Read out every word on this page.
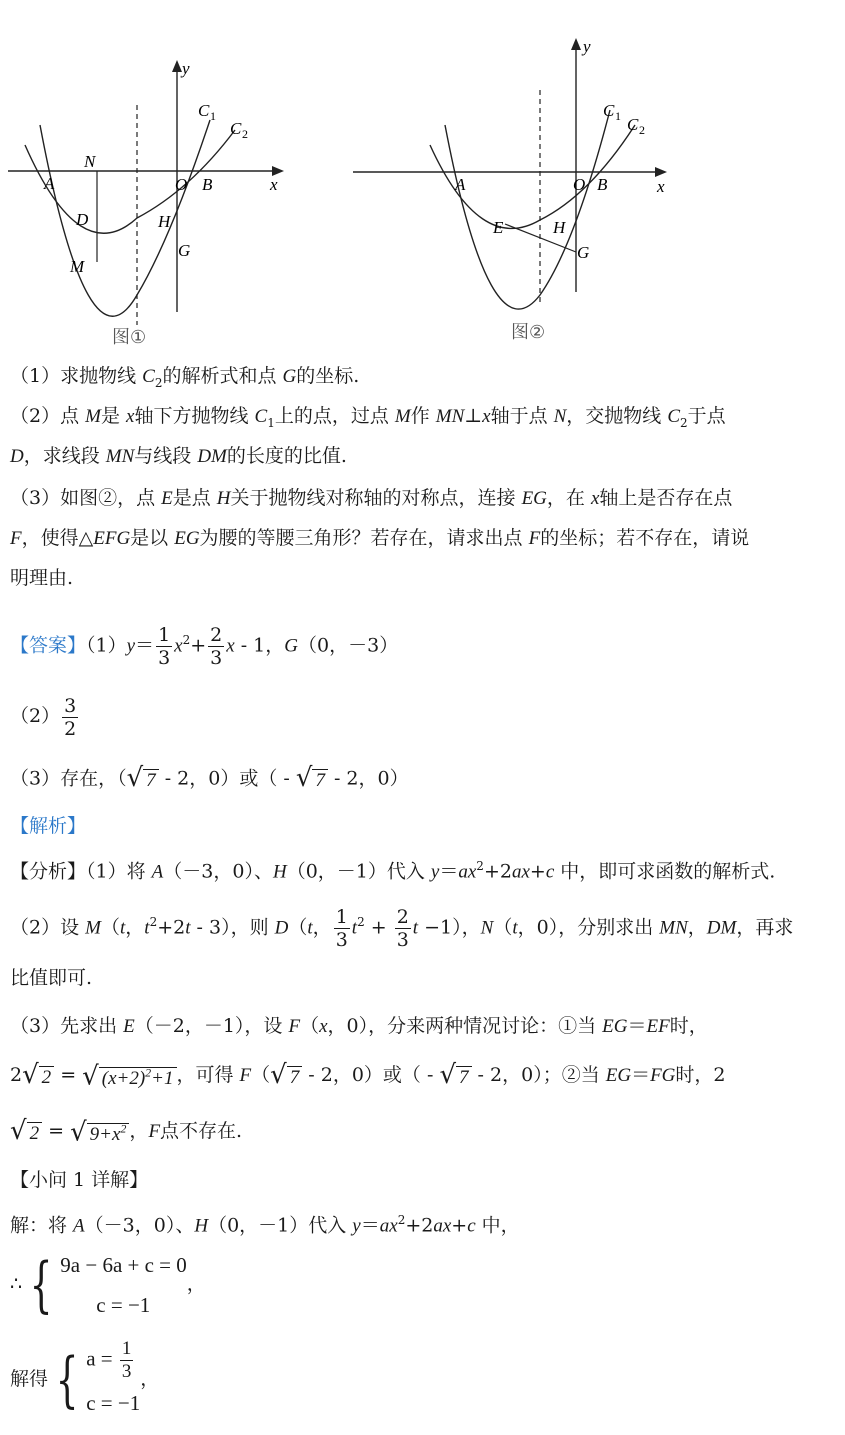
A
N
D
M
O B
H
G
y
x
C 1
C 2
图①
A	O B
E	H
G
y
x
C 1 C 2
图②
（1）求抛物线 $C_2$的解析式和点 G的坐标.
（2）点 M是 x轴下方抛物线 $C_1$上的点，过点 M作 MN⊥x轴于点 N，交抛物线 $C_2$于点
D，求线段 MN与线段 DM的长度的比值.
（3）如图②，点 E是点 H关于抛物线对称轴的对称点，连接 EG，在 x轴上是否存在点
F，使得△EFG是以 EG为腰的等腰三角形？若存在，请求出点 F的坐标；若不存在，请说
明理由.
【答案】$(1)y= \frac{1}{3} x^2+ \frac{2}{3}$ x - 1，G（0，－3）
$(2) \frac{3}{2}$
（3）存在，（√ 7 - 2，0）或（ - √ 7 - 2，0）
【解析】
【分析】（1）将 A（－3，0）、H（0，－1）代入 $y=ax^2+2ax+c$ 中，即可求函数的解析式.
（2）设 M（t，$t^2+2t - 3$），则 D（t， $\frac{1}{3} t^2 + \frac{2}{3}$ t −1），N（t，0），分别求出 MN，DM，再求
比值即可.
（3）先求出 E（－2，－1），设 F（x，0），分来两种情况讨论：①当 EG＝EF时，
2√ 2 = √ $(x+2)^2+1$ ，可得 F（√ 7 - 2，0）或（ - √ 7 - 2，0）；②当 EG＝FG时，2
√ 2 = √ $9+x^2$ ，F点不存在.
【小问 1 详解】
解：将 A（－3，0）、H（0，－1）代入 $y=ax^2+2ax+c$ 中，
∴ { 9a − 6a + c = 0
c = −1
，
解得 { $a = \frac{1}{3}$
c = −1
，
